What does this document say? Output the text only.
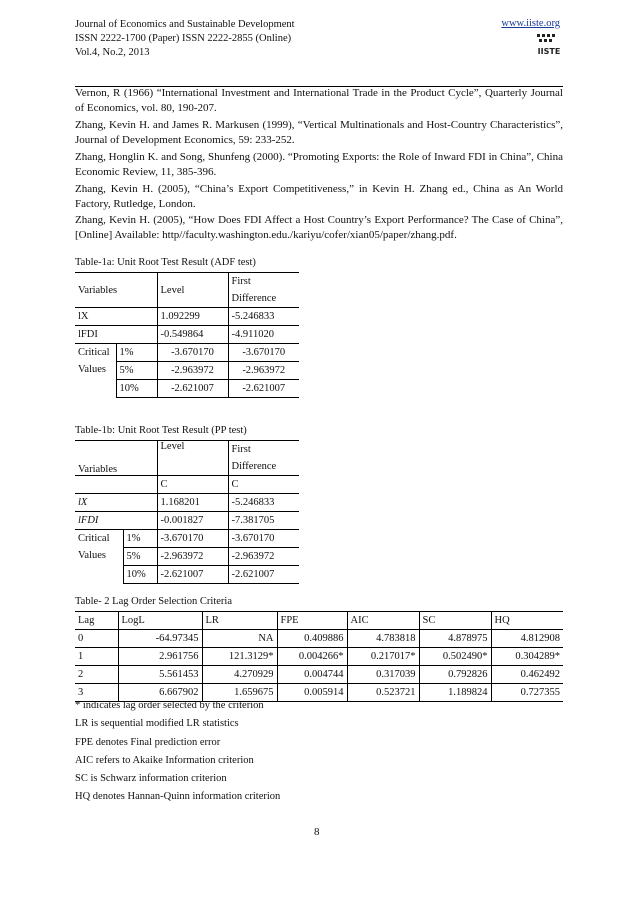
Journal of Economics and Sustainable Development
ISSN 2222-1700 (Paper) ISSN 2222-2855 (Online)
Vol.4, No.2, 2013
www.iiste.org
IISTE
Vernon, R (1966) “International Investment and International Trade in the Product Cycle”, Quarterly Journal of Economics, vol. 80, 190-207.
Zhang, Kevin H. and James R. Markusen (1999), “Vertical Multinationals and Host-Country Characteristics”, Journal of Development Economics, 59: 233-252.
Zhang, Honglin K. and Song, Shunfeng (2000). “Promoting Exports: the Role of Inward FDI in China”, China Economic Review, 11, 385-396.
Zhang, Kevin H. (2005), “China’s Export Competitiveness,” in Kevin H. Zhang ed., China as An World Factory, Rutledge, London.
Zhang, Kevin H. (2005), “How Does FDI Affect a Host Country’s Export Performance? The Case of China”, [Online] Available: http//faculty.washington.edu./kariyu/cofer/xian05/paper/zhang.pdf.
Table-1a: Unit Root Test Result (ADF test)
Variables		Level	First
Difference
lX		1.092299	-5.246833
lFDI		-0.549864	-4.911020
Critical
Values	1%	-3.670170	-3.670170
	5%	-2.963972	-2.963972
	10%	-2.621007	-2.621007
Table-1b: Unit Root Test Result (PP test)
Variables		Level	First
Difference

		C	C
lX		1.168201	-5.246833
lFDI		-0.001827	-7.381705
Critical
Values	1%	-3.670170	-3.670170
	5%	-2.963972	-2.963972
	10%	-2.621007	-2.621007
Table- 2 Lag Order Selection Criteria
Lag	LogL	LR	FPE	AIC	SC	HQ
0	-64.97345	NA	0.409886	4.783818	4.878975	4.812908
1	2.961756	121.3129*	0.004266*	0.217017*	0.502490*	0.304289*
2	5.561453	4.270929	0.004744	0.317039	0.792826	0.462492
3	6.667902	1.659675	0.005914	0.523721	1.189824	0.727355
* indicates lag order selected by the criterion
LR is sequential modified LR statistics
FPE denotes Final prediction error
AIC refers to Akaike Information criterion
SC is Schwarz information criterion
HQ denotes Hannan-Quinn information criterion
8
